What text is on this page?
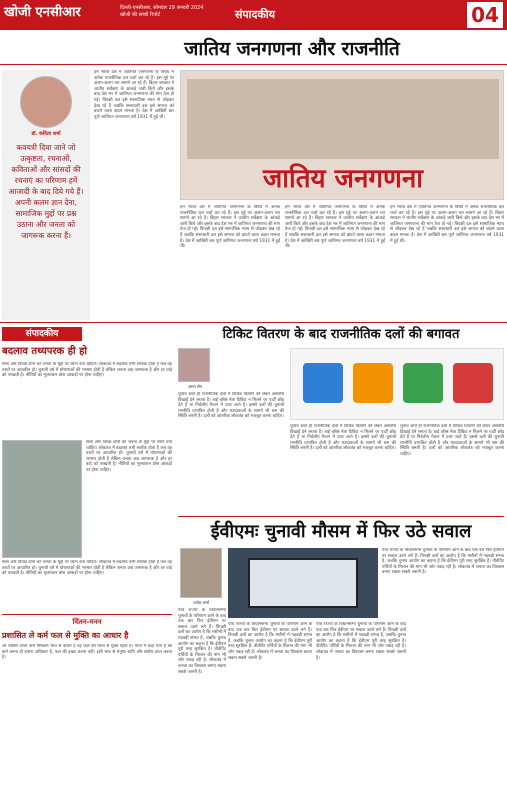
खोजी एनसीआर	दिल्ली-एनसीआर, सोमवार 29 जनवरी 2024
खोजी की सच्ची रिपोर्ट	संपादकीय	04
जातिय जनगणना और राजनीति
डॉ. कविता शर्मा
कवयत्री दिया जाने जो उत्कृष्टता, रचनाओं, कविताओं और सांसदों की रचनाएं का परिणाम हमें आजादी के बाद दिये गये हैं। अपनी कलम ज्ञान देना, सामाजिक मुद्दों पर प्रश्न उठाना और जनता को जागरूक करना हैं।
हम भारत देश में जातिगत जनगणना के विषय में अनेक राजनीतिक दल चर्चा कर रहे हैं। इस मुद्दे पर अलग-अलग मत सामने आ रहे हैं। बिहार सरकार ने जातीय सर्वेक्षण के आंकड़े जारी किये और इसके बाद देश भर में जातिगत जनगणना की मांग तेज हो गई। विपक्षी दल इसे सामाजिक न्याय से जोड़कर देख रहे हैं जबकि सत्ताधारी दल इसे समाज को बांटने वाला कदम मानता है। देश में आखिरी बार पूर्ण जातिगत जनगणना वर्ष 1931 में हुई थी।
जातिय जनगणना
हम भारत देश में जातिगत जनगणना के विषय में अनेक राजनीतिक दल चर्चा कर रहे हैं। इस मुद्दे पर अलग-अलग मत सामने आ रहे हैं। बिहार सरकार ने जातीय सर्वेक्षण के आंकड़े जारी किये और इसके बाद देश भर में जातिगत जनगणना की मांग तेज हो गई। विपक्षी दल इसे सामाजिक न्याय से जोड़कर देख रहे हैं जबकि सत्ताधारी दल इसे समाज को बांटने वाला कदम मानता है। देश में आखिरी बार पूर्ण जातिगत जनगणना वर्ष 1931 में हुई थी।
हम भारत देश में जातिगत जनगणना के विषय में अनेक राजनीतिक दल चर्चा कर रहे हैं। इस मुद्दे पर अलग-अलग मत सामने आ रहे हैं। बिहार सरकार ने जातीय सर्वेक्षण के आंकड़े जारी किये और इसके बाद देश भर में जातिगत जनगणना की मांग तेज हो गई। विपक्षी दल इसे सामाजिक न्याय से जोड़कर देख रहे हैं जबकि सत्ताधारी दल इसे समाज को बांटने वाला कदम मानता है। देश में आखिरी बार पूर्ण जातिगत जनगणना वर्ष 1931 में हुई थी।
हम भारत देश में जातिगत जनगणना के विषय में अनेक राजनीतिक दल चर्चा कर रहे हैं। इस मुद्दे पर अलग-अलग मत सामने आ रहे हैं। बिहार सरकार ने जातीय सर्वेक्षण के आंकड़े जारी किये और इसके बाद देश भर में जातिगत जनगणना की मांग तेज हो गई। विपक्षी दल इसे सामाजिक न्याय से जोड़कर देख रहे हैं जबकि सत्ताधारी दल इसे समाज को बांटने वाला कदम मानता है। देश में आखिरी बार पूर्ण जातिगत जनगणना वर्ष 1931 में हुई थी।
संपादकीय
बदलाव तथ्यपरक ही हो
सत्ता और विपक्ष दोनों को जनता के मुद्दों पर ध्यान देना चाहिए। लोकतंत्र में बदलाव तभी सार्थक होता है जब वह तथ्यों पर आधारित हो। चुनावी वर्ष में घोषणाओं की भरमार होती है लेकिन जनता अब जागरूक है और हर वादे को परखती है। नीतियों का मूल्यांकन ठोस आंकड़ों पर होना चाहिए।
सत्ता और विपक्ष दोनों को जनता के मुद्दों पर ध्यान देना चाहिए। लोकतंत्र में बदलाव तभी सार्थक होता है जब वह तथ्यों पर आधारित हो। चुनावी वर्ष में घोषणाओं की भरमार होती है लेकिन जनता अब जागरूक है और हर वादे को परखती है। नीतियों का मूल्यांकन ठोस आंकड़ों पर होना चाहिए।
सत्ता और विपक्ष दोनों को जनता के मुद्दों पर ध्यान देना चाहिए। लोकतंत्र में बदलाव तभी सार्थक होता है जब वह तथ्यों पर आधारित हो। चुनावी वर्ष में घोषणाओं की भरमार होती है लेकिन जनता अब जागरूक है और हर वादे को परखती है। नीतियों का मूल्यांकन ठोस आंकड़ों पर होना चाहिए।
चिंतन-मनन
प्रशासित ले कर्म फल से मुक्ति का आधार है
जो व्यक्ति अपने कर्म निष्काम भाव से करता है वह फल की चिंता से मुक्त रहता है। गीता में कहा गया है कि कर्म करना ही हमारा अधिकार है, फल की इच्छा करना नहीं। इसी भाव से मनुष्य शांति और संतोष प्राप्त करता है।
टिकिट वितरण के बाद राजनीतिक दलों की बगावत
अमन सेन
चुनाव आते ही राजनीतिक दलों में टिकिट वितरण को लेकर असंतोष दिखाई देने लगता है। कई वरिष्ठ नेता टिकिट न मिलने पर पार्टी छोड़ देते हैं या निर्दलीय मैदान में उतर जाते हैं। इससे दलों की चुनावी रणनीति प्रभावित होती है और मतदाताओं के सामने भी भ्रम की स्थिति बनती है। दलों को आंतरिक लोकतंत्र को मजबूत करना चाहिए।
चुनाव आते ही राजनीतिक दलों में टिकिट वितरण को लेकर असंतोष दिखाई देने लगता है। कई वरिष्ठ नेता टिकिट न मिलने पर पार्टी छोड़ देते हैं या निर्दलीय मैदान में उतर जाते हैं। इससे दलों की चुनावी रणनीति प्रभावित होती है और मतदाताओं के सामने भी भ्रम की स्थिति बनती है। दलों को आंतरिक लोकतंत्र को मजबूत करना चाहिए।
चुनाव आते ही राजनीतिक दलों में टिकिट वितरण को लेकर असंतोष दिखाई देने लगता है। कई वरिष्ठ नेता टिकिट न मिलने पर पार्टी छोड़ देते हैं या निर्दलीय मैदान में उतर जाते हैं। इससे दलों की चुनावी रणनीति प्रभावित होती है और मतदाताओं के सामने भी भ्रम की स्थिति बनती है। दलों को आंतरिक लोकतंत्र को मजबूत करना चाहिए।
ईवीएमः चुनावी मौसम में फिर उठे सवाल
राजेश शर्मा
पांच राज्यों के विधानसभा चुनावों के परिणाम आने के बाद एक बार फिर ईवीएम पर सवाल उठने लगे हैं। विपक्षी दलों का आरोप है कि मशीनों में गड़बड़ी संभव है, जबकि चुनाव आयोग का कहना है कि ईवीएम पूरी तरह सुरक्षित हैं। वीवीपैट पर्चियों के मिलान की मांग भी जोर पकड़ रही है। लोकतंत्र में जनता का विश्वास बनाए रखना सबसे जरूरी है।
पांच राज्यों के विधानसभा चुनावों के परिणाम आने के बाद एक बार फिर ईवीएम पर सवाल उठने लगे हैं। विपक्षी दलों का आरोप है कि मशीनों में गड़बड़ी संभव है, जबकि चुनाव आयोग का कहना है कि ईवीएम पूरी तरह सुरक्षित हैं। वीवीपैट पर्चियों के मिलान की मांग भी जोर पकड़ रही है। लोकतंत्र में जनता का विश्वास बनाए रखना सबसे जरूरी है।
पांच राज्यों के विधानसभा चुनावों के परिणाम आने के बाद एक बार फिर ईवीएम पर सवाल उठने लगे हैं। विपक्षी दलों का आरोप है कि मशीनों में गड़बड़ी संभव है, जबकि चुनाव आयोग का कहना है कि ईवीएम पूरी तरह सुरक्षित हैं। वीवीपैट पर्चियों के मिलान की मांग भी जोर पकड़ रही है। लोकतंत्र में जनता का विश्वास बनाए रखना सबसे जरूरी है।
पांच राज्यों के विधानसभा चुनावों के परिणाम आने के बाद एक बार फिर ईवीएम पर सवाल उठने लगे हैं। विपक्षी दलों का आरोप है कि मशीनों में गड़बड़ी संभव है, जबकि चुनाव आयोग का कहना है कि ईवीएम पूरी तरह सुरक्षित हैं। वीवीपैट पर्चियों के मिलान की मांग भी जोर पकड़ रही है। लोकतंत्र में जनता का विश्वास बनाए रखना सबसे जरूरी है।
